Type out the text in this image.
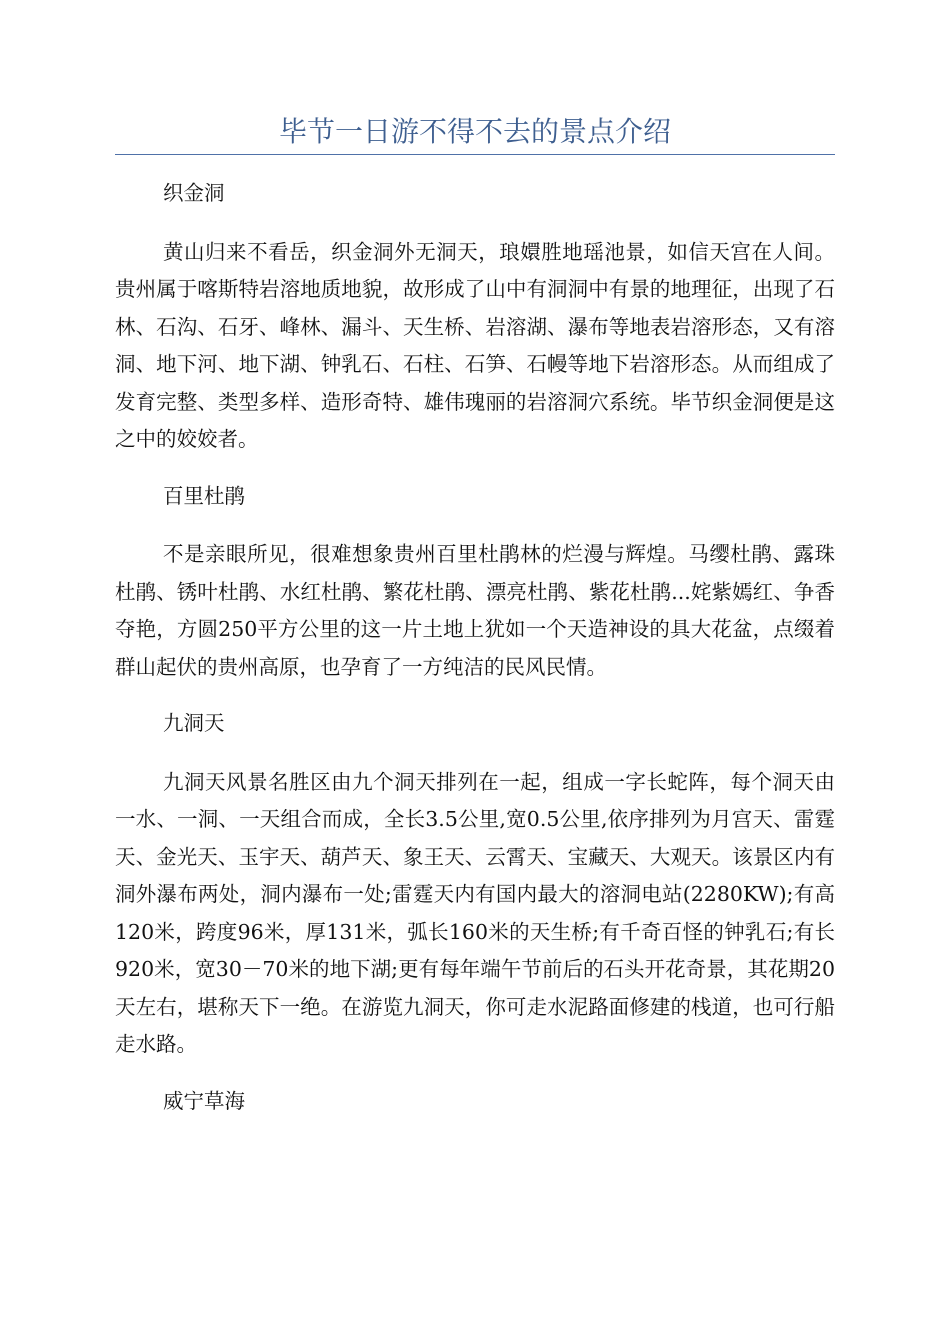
毕节一日游不得不去的景点介绍

织金洞

黄山归来不看岳，织金洞外无洞天，琅嬛胜地瑶池景，如信天宫在人间。贵州属于喀斯特岩溶地质地貌，故形成了山中有洞洞中有景的地理征，出现了石林、石沟、石牙、峰林、漏斗、天生桥、岩溶湖、瀑布等地表岩溶形态，又有溶洞、地下河、地下湖、钟乳石、石柱、石笋、石幔等地下岩溶形态。从而组成了发育完整、类型多样、造形奇特、雄伟瑰丽的岩溶洞穴系统。毕节织金洞便是这之中的姣姣者。

百里杜鹃

不是亲眼所见，很难想象贵州百里杜鹃林的烂漫与辉煌。马缨杜鹃、露珠杜鹃、锈叶杜鹃、水红杜鹃、繁花杜鹃、漂亮杜鹃、紫花杜鹃...姹紫嫣红、争香夺艳，方圆250平方公里的这一片土地上犹如一个天造神设的具大花盆，点缀着群山起伏的贵州高原，也孕育了一方纯洁的民风民情。

九洞天

九洞天风景名胜区由九个洞天排列在一起，组成一字长蛇阵，每个洞天由一水、一洞、一天组合而成，全长3.5公里,宽0.5公里,依序排列为月宫天、雷霆天、金光天、玉宇天、葫芦天、象王天、云霄天、宝藏天、大观天。该景区内有洞外瀑布两处，洞内瀑布一处;雷霆天内有国内最大的溶洞电站(2280KW);有高120米，跨度96米，厚131米，弧长160米的天生桥;有千奇百怪的钟乳石;有长920米，宽30－70米的地下湖;更有每年端午节前后的石头开花奇景，其花期20天左右，堪称天下一绝。在游览九洞天，你可走水泥路面修建的栈道，也可行船走水路。

威宁草海
